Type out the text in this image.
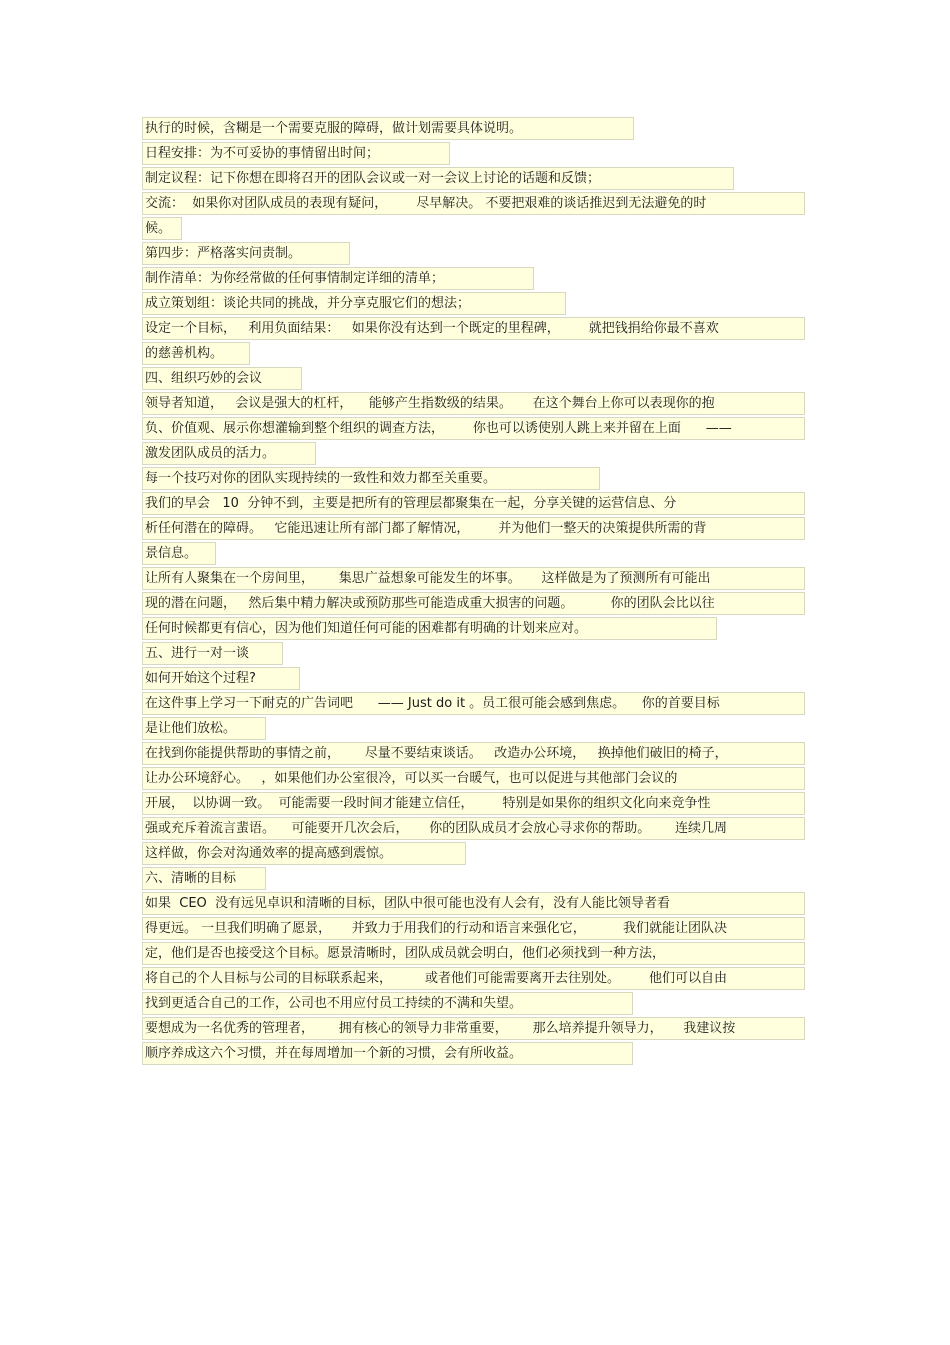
执行的时候，含糊是一个需要克服的障碍，做计划需要具体说明。
日程安排：为不可妥协的事情留出时间；
制定议程：记下你想在即将召开的团队会议或一对一会议上讨论的话题和反馈；
交流：  如果你对团队成员的表现有疑问，       尽早解决。 不要把艰难的谈话推迟到无法避免的时
候。
第四步：严格落实问责制。
制作清单：为你经常做的任何事情制定详细的清单；
成立策划组：谈论共同的挑战，并分享克服它们的想法；
设定一个目标，   利用负面结果：   如果你没有达到一个既定的里程碑，       就把钱捐给你最不喜欢
的慈善机构。
四、组织巧妙的会议
领导者知道，   会议是强大的杠杆，    能够产生指数级的结果。     在这个舞台上你可以表现你的抱
负、价值观、展示你想灌输到整个组织的调查方法，       你也可以诱使别人跳上来并留在上面      ——
激发团队成员的活力。
每一个技巧对你的团队实现持续的一致性和效力都至关重要。
我们的早会   10  分钟不到，主要是把所有的管理层都聚集在一起，分享关键的运营信息、分
析任何潜在的障碍。   它能迅速让所有部门都了解情况，       并为他们一整天的决策提供所需的背
景信息。
让所有人聚集在一个房间里，      集思广益想象可能发生的坏事。     这样做是为了预测所有可能出
现的潜在问题，   然后集中精力解决或预防那些可能造成重大损害的问题。         你的团队会比以往
任何时候都更有信心，因为他们知道任何可能的困难都有明确的计划来应对。
五、进行一对一谈
如何开始这个过程?
在这件事上学习一下耐克的广告词吧      —— Just do it 。员工很可能会感到焦虑。    你的首要目标
是让他们放松。
在找到你能提供帮助的事情之前，      尽量不要结束谈话。   改造办公环境，   换掉他们破旧的椅子，
让办公环境舒心。   ，如果他们办公室很冷，可以买一台暖气，也可以促进与其他部门会议的
开展，  以协调一致。  可能需要一段时间才能建立信任，       特别是如果你的组织文化向来竞争性
强或充斥着流言蜚语。    可能要开几次会后，     你的团队成员才会放心寻求你的帮助。      连续几周
这样做，你会对沟通效率的提高感到震惊。
六、清晰的目标
如果  CEO  没有远见卓识和清晰的目标，团队中很可能也没有人会有，没有人能比领导者看
得更远。 一旦我们明确了愿景，     并致力于用我们的行动和语言来强化它，         我们就能让团队决
定，他们是否也接受这个目标。愿景清晰时，团队成员就会明白，他们必须找到一种方法，
将自己的个人目标与公司的目标联系起来，        或者他们可能需要离开去往别处。       他们可以自由
找到更适合自己的工作，公司也不用应付员工持续的不满和失望。
要想成为一名优秀的管理者，      拥有核心的领导力非常重要，      那么培养提升领导力，     我建议按
顺序养成这六个习惯，并在每周增加一个新的习惯，会有所收益。
